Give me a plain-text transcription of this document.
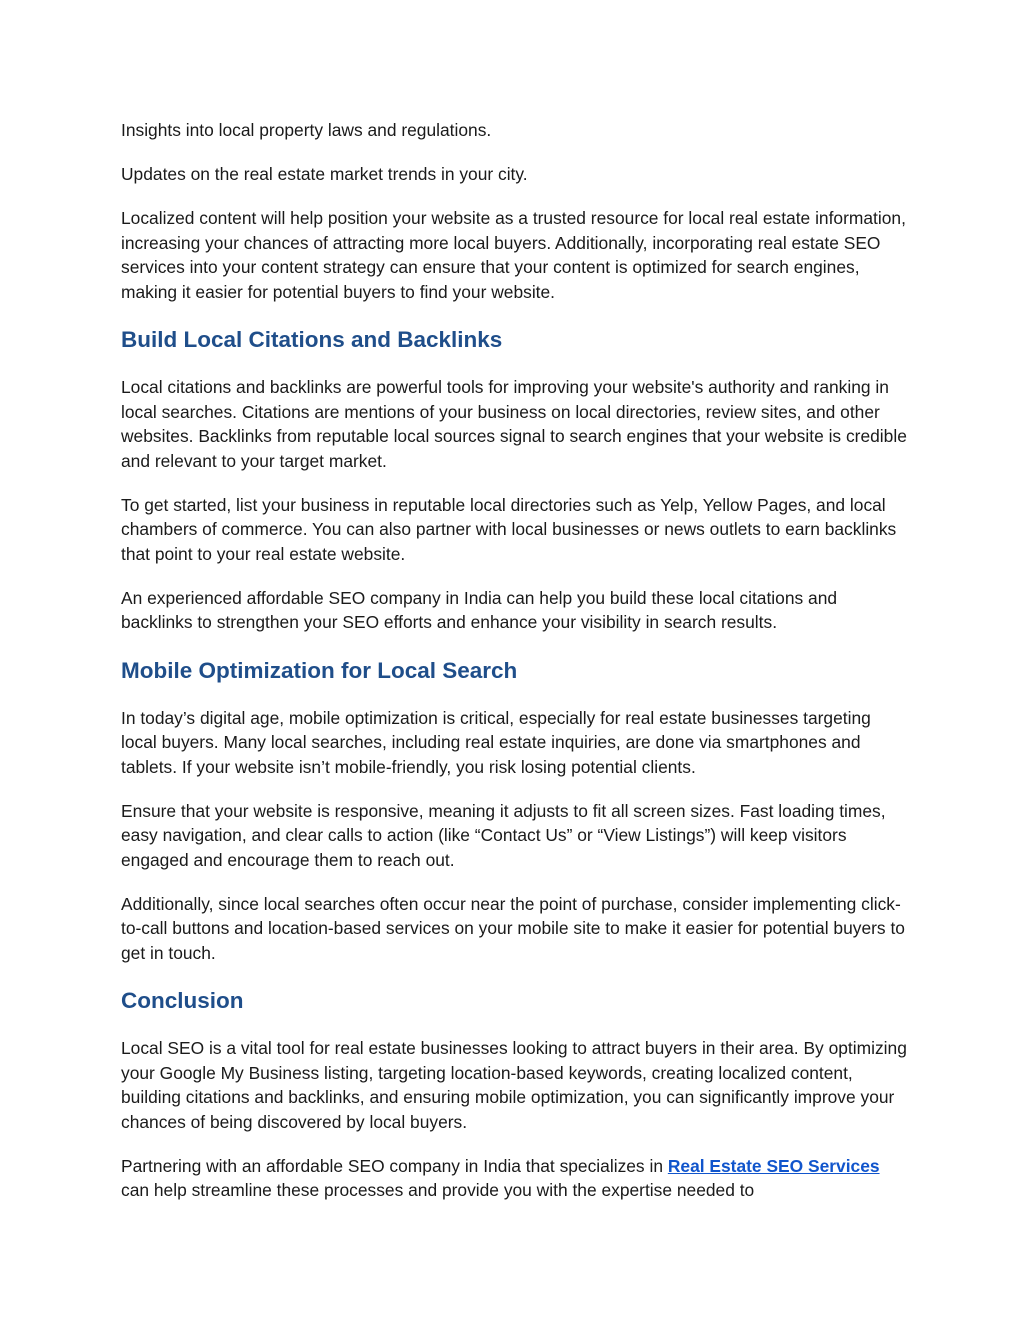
Insights into local property laws and regulations.

Updates on the real estate market trends in your city.

Localized content will help position your website as a trusted resource for local real estate information, increasing your chances of attracting more local buyers. Additionally, incorporating real estate SEO services into your content strategy can ensure that your content is optimized for search engines, making it easier for potential buyers to find your website.

Build Local Citations and Backlinks

Local citations and backlinks are powerful tools for improving your website's authority and ranking in local searches. Citations are mentions of your business on local directories, review sites, and other websites. Backlinks from reputable local sources signal to search engines that your website is credible and relevant to your target market.

To get started, list your business in reputable local directories such as Yelp, Yellow Pages, and local chambers of commerce. You can also partner with local businesses or news outlets to earn backlinks that point to your real estate website.

An experienced affordable SEO company in India can help you build these local citations and backlinks to strengthen your SEO efforts and enhance your visibility in search results.

Mobile Optimization for Local Search

In today’s digital age, mobile optimization is critical, especially for real estate businesses targeting local buyers. Many local searches, including real estate inquiries, are done via smartphones and tablets. If your website isn’t mobile-friendly, you risk losing potential clients.

Ensure that your website is responsive, meaning it adjusts to fit all screen sizes. Fast loading times, easy navigation, and clear calls to action (like “Contact Us” or “View Listings”) will keep visitors engaged and encourage them to reach out.

Additionally, since local searches often occur near the point of purchase, consider implementing click-to-call buttons and location-based services on your mobile site to make it easier for potential buyers to get in touch.

Conclusion

Local SEO is a vital tool for real estate businesses looking to attract buyers in their area. By optimizing your Google My Business listing, targeting location-based keywords, creating localized content, building citations and backlinks, and ensuring mobile optimization, you can significantly improve your chances of being discovered by local buyers.

Partnering with an affordable SEO company in India that specializes in Real Estate SEO Services can help streamline these processes and provide you with the expertise needed to
